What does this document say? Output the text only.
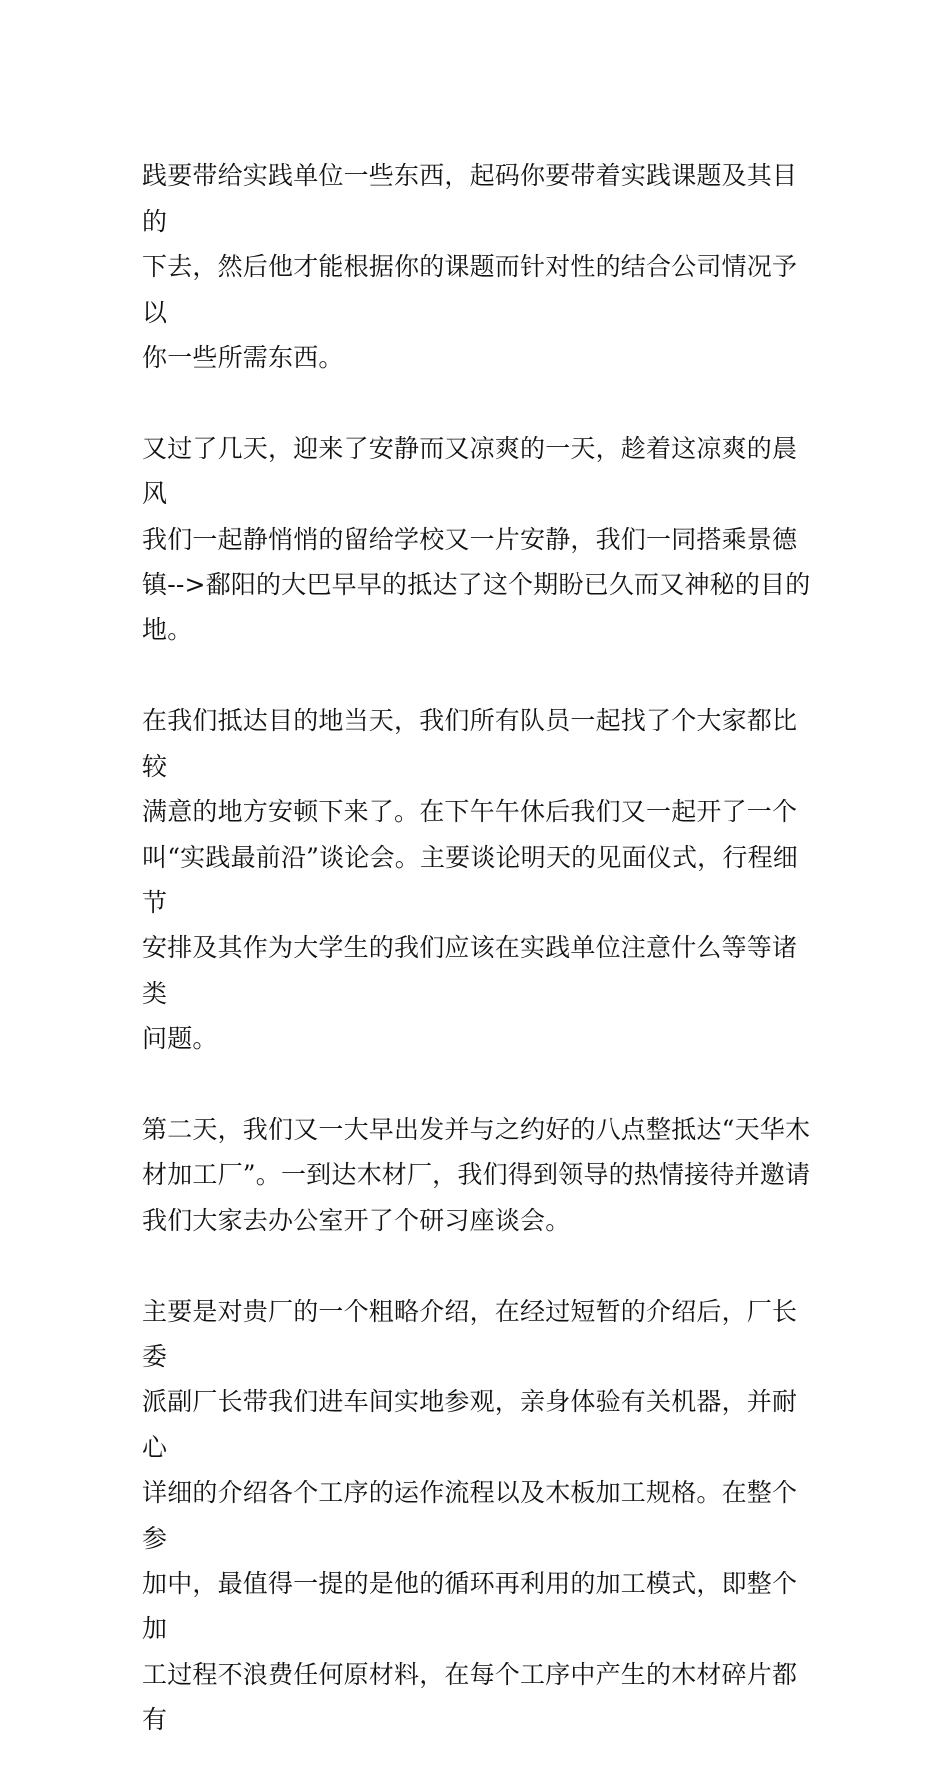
践要带给实践单位一些东西，起码你要带着实践课题及其目的
下去，然后他才能根据你的课题而针对性的结合公司情况予以
你一些所需东西。

又过了几天，迎来了安静而又凉爽的一天，趁着这凉爽的晨风
我们一起静悄悄的留给学校又一片安静，我们一同搭乘景德
镇-->鄱阳的大巴早早的抵达了这个期盼已久而又神秘的目的
地。

在我们抵达目的地当天，我们所有队员一起找了个大家都比较
满意的地方安顿下来了。在下午午休后我们又一起开了一个
叫“实践最前沿”谈论会。主要谈论明天的见面仪式，行程细节
安排及其作为大学生的我们应该在实践单位注意什么等等诸类
问题。

第二天，我们又一大早出发并与之约好的八点整抵达“天华木
材加工厂”。一到达木材厂，我们得到领导的热情接待并邀请
我们大家去办公室开了个研习座谈会。

主要是对贵厂的一个粗略介绍，在经过短暂的介绍后，厂长委
派副厂长带我们进车间实地参观，亲身体验有关机器，并耐心
详细的介绍各个工序的运作流程以及木板加工规格。在整个参
加中，最值得一提的是他的循环再利用的加工模式，即整个加
工过程不浪费任何原材料，在每个工序中产生的木材碎片都有
